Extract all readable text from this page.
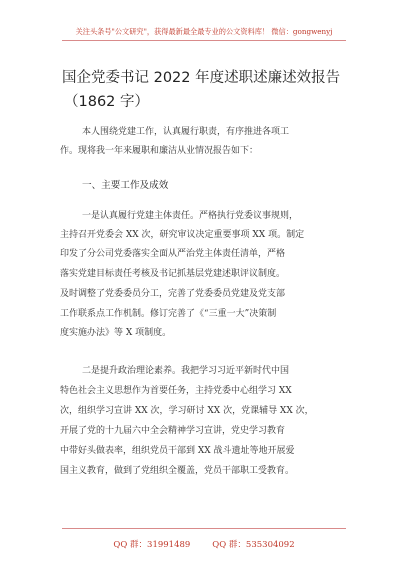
关注头条号"公文研究"，获得最新最全最专业的公文资料库！ 微信：gongwenyj
国企党委书记 2022 年度述职述廉述效报告
（1862 字）
本人围绕党建工作，认真履行职责，有序推进各项工
作。现将我一年来履职和廉洁从业情况报告如下：
一、主要工作及成效
一是认真履行党建主体责任。严格执行党委议事规则，
主持召开党委会 XX 次，研究审议决定重要事项 XX 项。制定
印发了分公司党委落实全面从严治党主体责任清单，严格
落实党建目标责任考核及书记抓基层党建述职评议制度。
及时调整了党委委员分工，完善了党委委员党建及党支部
工作联系点工作机制。修订完善了《“三重一大”决策制
度实施办法》等 X 项制度。
二是提升政治理论素养。我把学习习近平新时代中国
特色社会主义思想作为首要任务，主持党委中心组学习 XX
次，组织学习宣讲 XX 次，学习研讨 XX 次，党课辅导 XX 次，
开展了党的十九届六中全会精神学习宣讲，党史学习教育
中带好头做表率，组织党员干部到 XX 战斗遗址等地开展爱
国主义教育，做到了党组织全覆盖，党员干部职工受教育。
QQ 群：31991489	QQ 群：535304092
